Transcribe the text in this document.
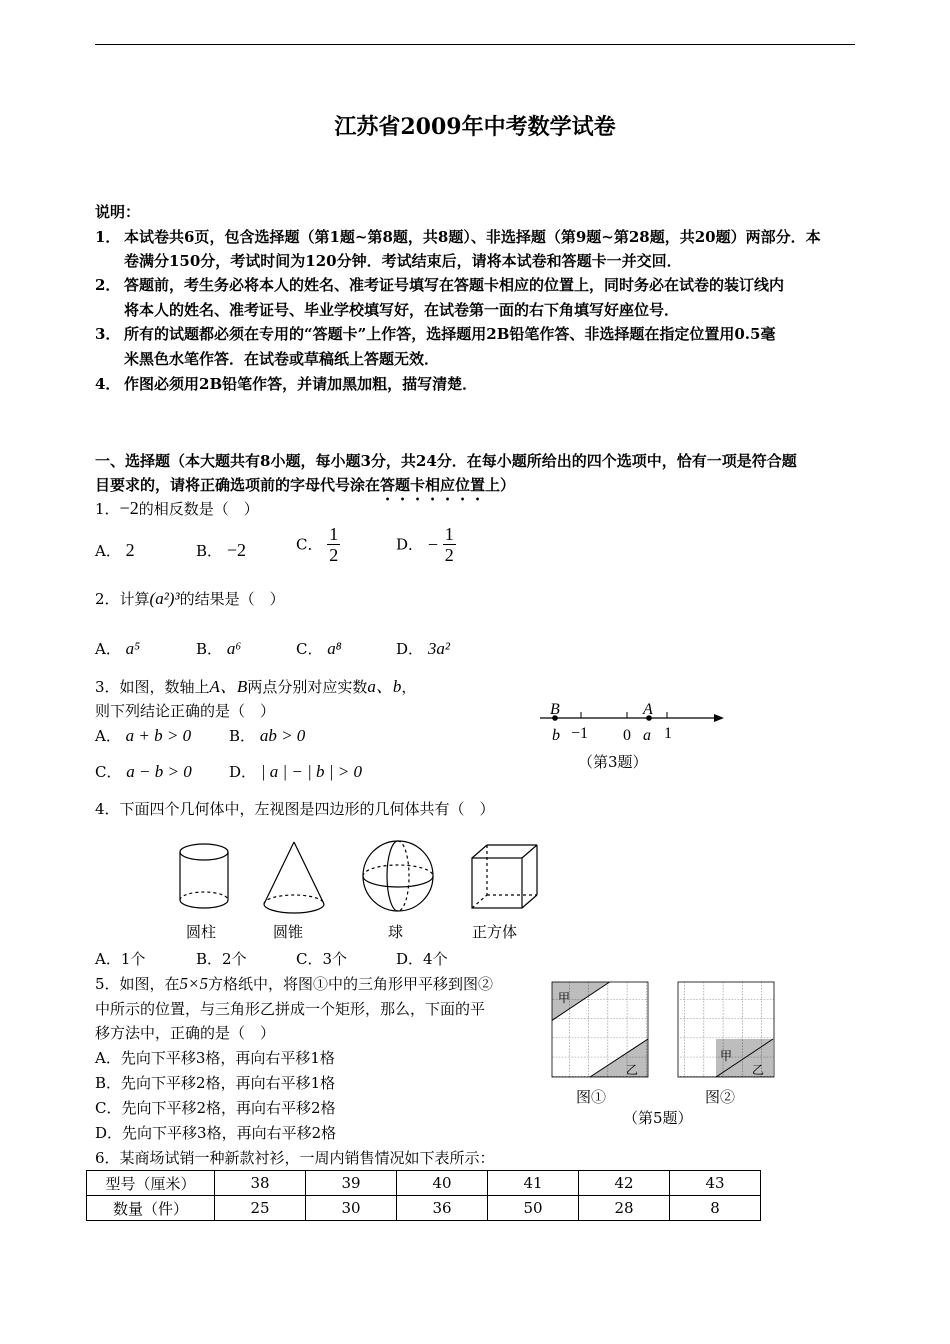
江苏省2009年中考数学试卷
说明：
1． 本试卷共6页，包含选择题（第1题~第8题，共8题）、非选择题（第9题~第28题，共20题）两部分．本
卷满分150分，考试时间为120分钟．考试结束后，请将本试卷和答题卡一并交回．
2． 答题前，考生务必将本人的姓名、准考证号填写在答题卡相应的位置上，同时务必在试卷的装订线内
将本人的姓名、准考证号、毕业学校填写好，在试卷第一面的右下角填写好座位号．
3． 所有的试题都必须在专用的“答题卡”上作答，选择题用2B铅笔作答、非选择题在指定位置用0.5毫
米黑色水笔作答．在试卷或草稿纸上答题无效．
4． 作图必须用2B铅笔作答，并请加黑加粗，描写清楚．
一、选择题（本大题共有8小题，每小题3分，共24分．在每小题所给出的四个选项中，恰有一项是符合题
目要求的，请将正确选项前的字母代号涂在答题卡相应位置上）
1．−2的相反数是（　）
A． 2	B． −2	C． $\frac{1}{2}$	D． − $\frac{1}{2}$
2．计算(a²)³的结果是（　）
A． a⁵	B． a⁶	C． a⁸	D． 3a²
3．如图，数轴上A、B两点分别对应实数a、b，
则下列结论正确的是（　）
A． a + b > 0	B． ab > 0
C． a − b > 0 D． | a | − | b | > 0
B	A
b −1 0 a 1
（第3题）
4．下面四个几何体中，左视图是四边形的几何体共有（　）
圆柱	圆锥	球	正方体
A．1个	B．2个	C．3个	D．4个
5．如图，在5×5方格纸中，将图①中的三角形甲平移到图②
中所示的位置，与三角形乙拼成一个矩形，那么，下面的平
移方法中，正确的是（　）
A．先向下平移3格，再向右平移1格
B．先向下平移2格，再向右平移1格
C．先向下平移2格，再向右平移2格
D．先向下平移3格，再向右平移2格
甲
乙
甲
乙
图①	图②
（第5题）
6．某商场试销一种新款衬衫，一周内销售情况如下表所示：
型号（厘米）	38	39	40	41	42	43
数量（件）	25	30	36	50	28	8
